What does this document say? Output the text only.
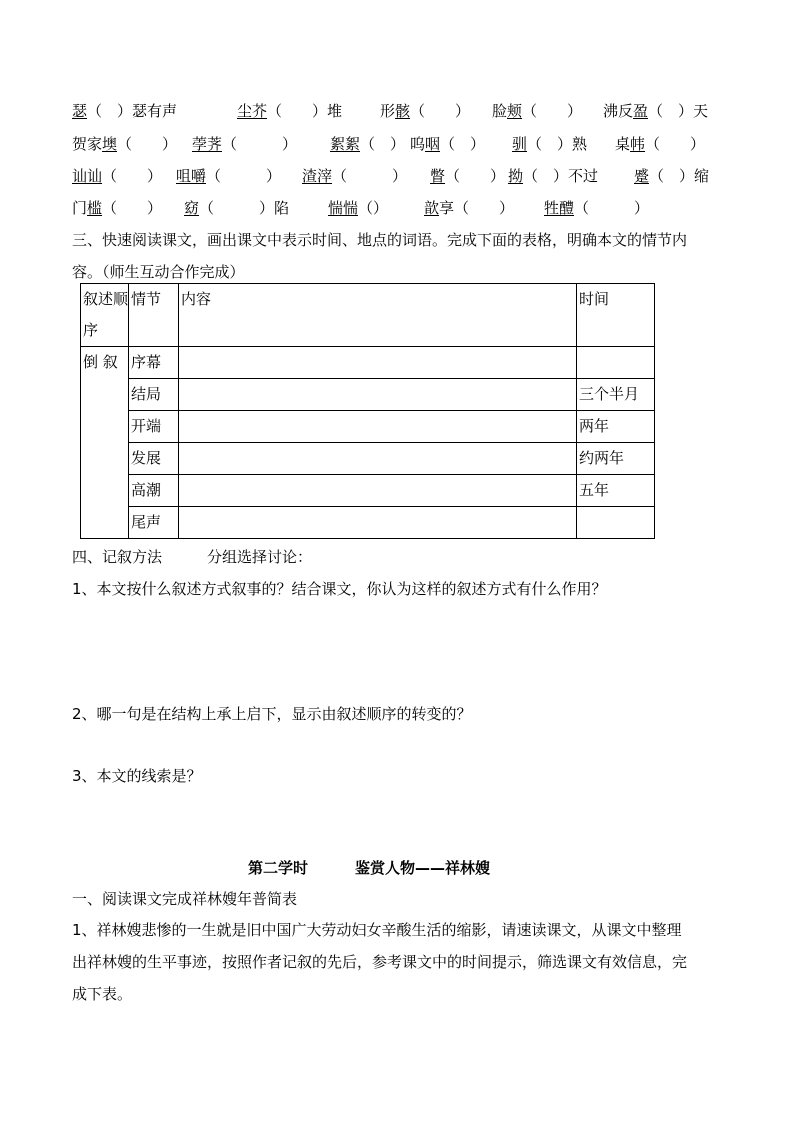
瑟（　）瑟有声	尘芥（　　）堆	形骸（　　） 脸颊（　　） 沸反盈（　）天
贺家墺（　　） 荸荠（　　　） 絮絮（　） 呜咽（　） 驯（　）熟 桌帏（　　）
讪讪（　　） 咀嚼（　　　） 渣滓（　　　） 瞥（　　） 拗（　）不过 蹙（　）缩
门槛（　　） 窈（　　　）陷	惴惴（） 歆享（　　） 牲醴（　　　）
三、快速阅读课文，画出课文中表示时间、地点的词语。完成下面的表格，明确本文的情节内
容。（师生互动合作完成）
叙述顺
序	情节	内容	时间
倒 叙	序幕		
	结局		三个半月
	开端		两年
	发展		约两年
	高潮		五年
	尾声		
四、记叙方法　　　分组选择讨论：
1、本文按什么叙述方式叙事的？结合课文，你认为这样的叙述方式有什么作用？
2、哪一句是在结构上承上启下，显示由叙述顺序的转变的？
3、本文的线索是？
第二学时	鉴赏人物——祥林嫂
一、阅读课文完成祥林嫂年普简表
1、祥林嫂悲惨的一生就是旧中国广大劳动妇女辛酸生活的缩影，请速读课文，从课文中整理
出祥林嫂的生平事迹，按照作者记叙的先后，参考课文中的时间提示，筛选课文有效信息，完
成下表。
